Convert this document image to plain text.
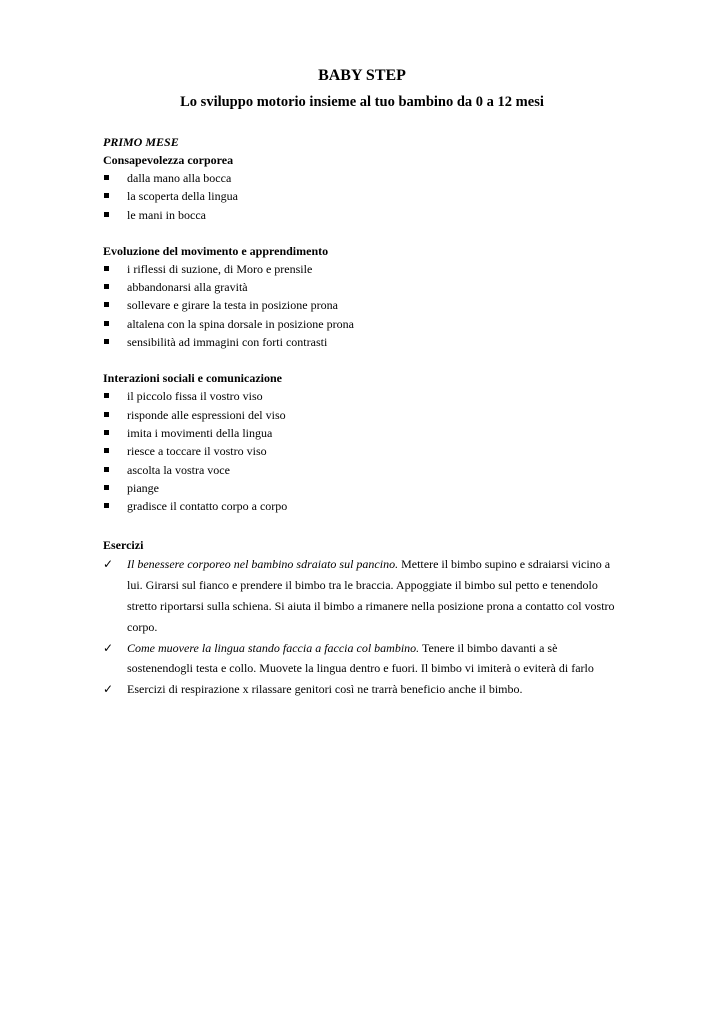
BABY STEP
Lo sviluppo motorio insieme al tuo bambino da 0 a 12 mesi
PRIMO MESE
Consapevolezza corporea
dalla mano alla bocca
la scoperta della lingua
le mani in bocca
Evoluzione del movimento e apprendimento
i riflessi di suzione, di Moro e prensile
abbandonarsi alla gravità
sollevare e girare la testa in posizione prona
altalena con la spina dorsale in posizione prona
sensibilità ad immagini con forti contrasti
Interazioni sociali e comunicazione
il piccolo fissa il vostro viso
risponde alle espressioni del viso
imita i movimenti della lingua
riesce a toccare il vostro viso
ascolta la vostra voce
piange
gradisce il contatto corpo a corpo
Esercizi
✓ Il benessere corporeo nel bambino sdraiato sul pancino. Mettere il bimbo supino e sdraiarsi vicino a lui. Girarsi sul fianco e prendere il bimbo tra le braccia. Appoggiate il bimbo sul petto e tenendolo stretto riportarsi sulla schiena. Si aiuta il bimbo a rimanere nella posizione prona a contatto col vostro corpo.
✓ Come muovere la lingua stando faccia a faccia col bambino. Tenere il bimbo davanti a sè sostenendogli testa e collo. Muovete la lingua dentro e fuori. Il bimbo vi imiterà o eviterà di farlo
✓ Esercizi di respirazione x rilassare genitori così ne trarrà beneficio anche il bimbo.
